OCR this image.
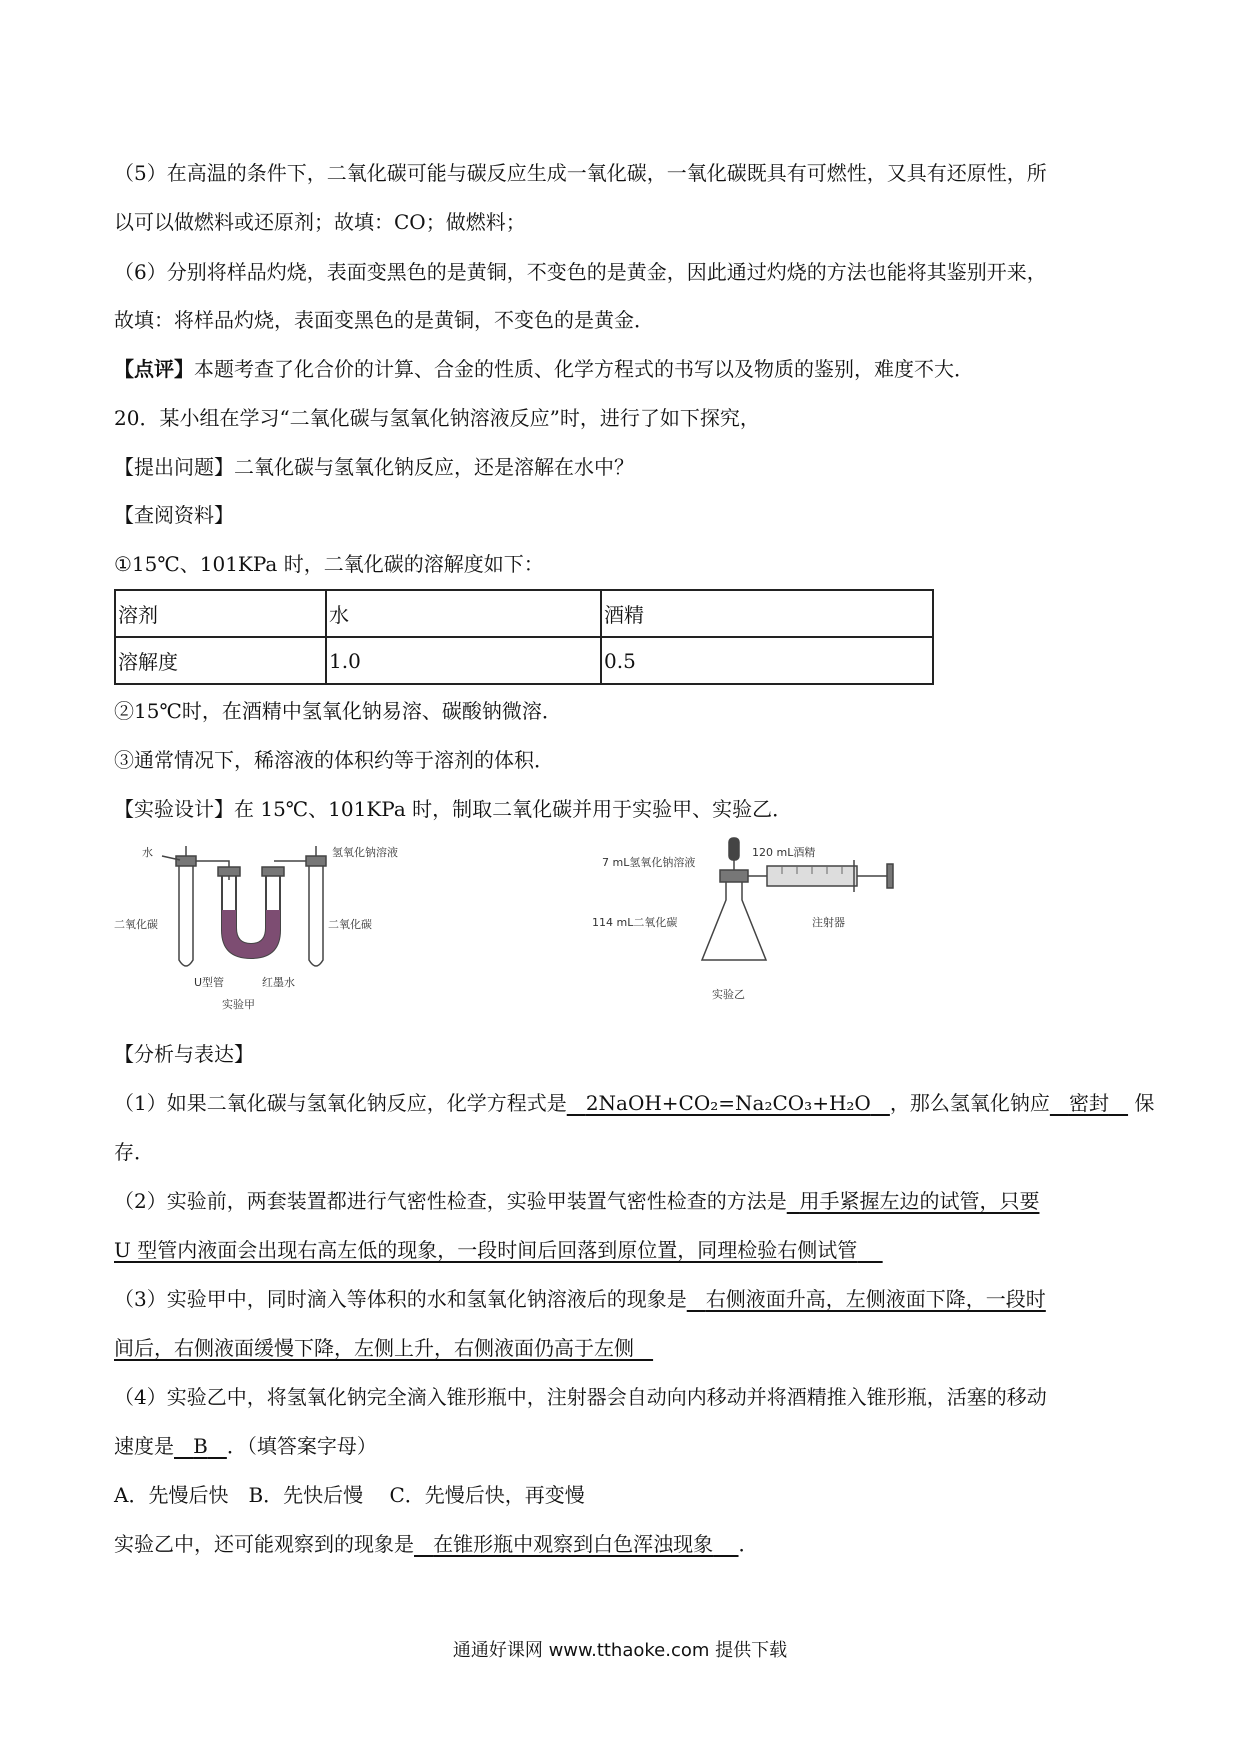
（5）在高温的条件下，二氧化碳可能与碳反应生成一氧化碳，一氧化碳既具有可燃性，又具有还原性，所
以可以做燃料或还原剂；故填：CO；做燃料；
（6）分别将样品灼烧，表面变黑色的是黄铜，不变色的是黄金，因此通过灼烧的方法也能将其鉴别开来，
故填：将样品灼烧，表面变黑色的是黄铜，不变色的是黄金．
【点评】本题考查了化合价的计算、合金的性质、化学方程式的书写以及物质的鉴别，难度不大．
20．某小组在学习“二氧化碳与氢氧化钠溶液反应”时，进行了如下探究，
【提出问题】二氧化碳与氢氧化钠反应，还是溶解在水中？
【查阅资料】
①15℃、101KPa 时，二氧化碳的溶解度如下：
溶剂	水	酒精
溶解度	1.0	0.5
②15℃时，在酒精中氢氧化钠易溶、碳酸钠微溶．
③通常情况下，稀溶液的体积约等于溶剂的体积．
【实验设计】在 15℃、101KPa 时，制取二氧化碳并用于实验甲、实验乙．
水	氢氧化钠溶液
二氧化碳	二氧化碳
U型管	红墨水
实验甲
120 mL酒精
7 mL氢氧化钠溶液
114 mL二氧化碳	注射器
实验乙
【分析与表达】
（1）如果二氧化碳与氢氧化钠反应，化学方程式是 2NaOH+CO₂=Na₂CO₃+H₂O ，那么氢氧化钠应 密封 保
存．
（2）实验前，两套装置都进行气密性检查，实验甲装置气密性检查的方法是 用手紧握左边的试管，只要
U 型管内液面会出现右高左低的现象，一段时间后回落到原位置，同理检验右侧试管
（3）实验甲中，同时滴入等体积的水和氢氧化钠溶液后的现象是 右侧液面升高，左侧液面下降，一段时
间后，右侧液面缓慢下降，左侧上升，右侧液面仍高于左侧
（4）实验乙中，将氢氧化钠完全滴入锥形瓶中，注射器会自动向内移动并将酒精推入锥形瓶，活塞的移动
速度是 B ．（填答案字母）
A．先慢后快　B．先快后慢　 C．先慢后快，再变慢
实验乙中，还可能观察到的现象是 在锥形瓶中观察到白色浑浊现象 ．
通通好课网 www.tthaoke.com 提供下载
